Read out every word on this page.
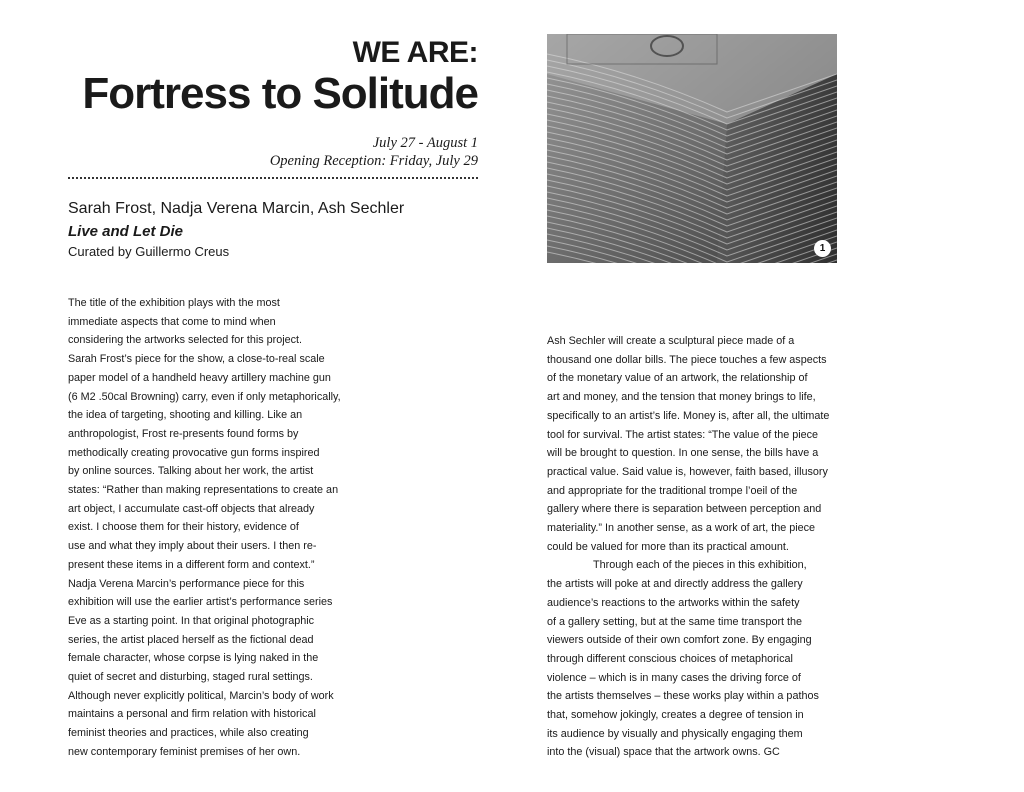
WE ARE:
Fortress to Solitude
July 27 - August 1
Opening Reception: Friday, July 29
Sarah Frost, Nadja Verena Marcin, Ash Sechler
Live and Let Die
Curated by Guillermo Creus
The title of the exhibition plays with the most
immediate aspects that come to mind when
considering the artworks selected for this project.
Sarah Frost’s piece for the show, a close-to-real scale
paper model of a handheld heavy artillery machine gun
(6 M2 .50cal Browning) carry, even if only metaphorically,
the idea of targeting, shooting and killing. Like an
anthropologist, Frost re-presents found forms by
methodically creating provocative gun forms inspired
by online sources. Talking about her work, the artist
states: “Rather than making representations to create an
art object, I accumulate cast-off objects that already
exist. I choose them for their history, evidence of
use and what they imply about their users. I then re-
present these items in a different form and context.”
Nadja Verena Marcin’s performance piece for this
exhibition will use the earlier artist’s performance series
Eve as a starting point. In that original photographic
series, the artist placed herself as the fictional dead
female character, whose corpse is lying naked in the
quiet of secret and disturbing, staged rural settings.
Although never explicitly political, Marcin’s body of work
maintains a personal and firm relation with historical
feminist theories and practices, while also creating
new contemporary feminist premises of her own.
Ash Sechler will create a sculptural piece made of a
thousand one dollar bills. The piece touches a few aspects
of the monetary value of an artwork, the relationship of
art and money, and the tension that money brings to life,
specifically to an artist’s life. Money is, after all, the ultimate
tool for survival. The artist states: “The value of the piece
will be brought to question. In one sense, the bills have a
practical value. Said value is, however, faith based, illusory
and appropriate for the traditional trompe l’oeil of the
gallery where there is separation between perception and
materiality.” In another sense, as a work of art, the piece
could be valued for more than its practical amount.
Through each of the pieces in this exhibition,
the artists will poke at and directly address the gallery
audience’s reactions to the artworks within the safety
of a gallery setting, but at the same time transport the
viewers outside of their own comfort zone. By engaging
through different conscious choices of metaphorical
violence – which is in many cases the driving force of
the artists themselves – these works play within a pathos
that, somehow jokingly, creates a degree of tension in
its audience by visually and physically engaging them
into the (visual) space that the artwork owns. GC
1
